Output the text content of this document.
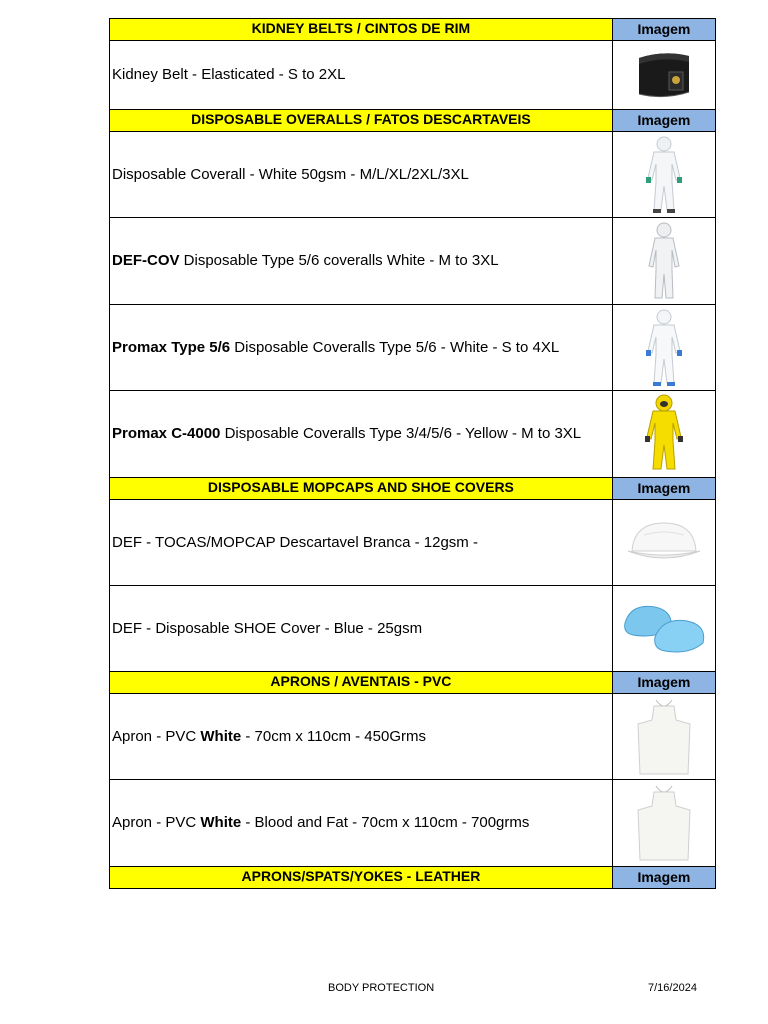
KIDNEY BELTS / CINTOS DE RIM	Imagem
Kidney Belt - Elasticated - S to 2XL	

DISPOSABLE OVERALLS / FATOS DESCARTAVEIS	Imagem
Disposable Coverall - White 50gsm - M/L/XL/2XL/3XL	

DEF-COV Disposable Type 5/6 coveralls White - M to 3XL	

Promax Type 5/6 Disposable Coveralls Type 5/6 - White - S to 4XL	

Promax C-4000 Disposable Coveralls Type 3/4/5/6 - Yellow - M to 3XL	

DISPOSABLE MOPCAPS AND SHOE COVERS	Imagem
DEF - TOCAS/MOPCAP Descartavel Branca - 12gsm -	

DEF - Disposable SHOE Cover - Blue - 25gsm	

APRONS / AVENTAIS - PVC	Imagem
Apron - PVC White - 70cm x 110cm - 450Grms	

Apron - PVC White - Blood and Fat - 70cm x 110cm - 700grms	

APRONS/SPATS/YOKES - LEATHER	Imagem
BODY PROTECTION	7/16/2024
